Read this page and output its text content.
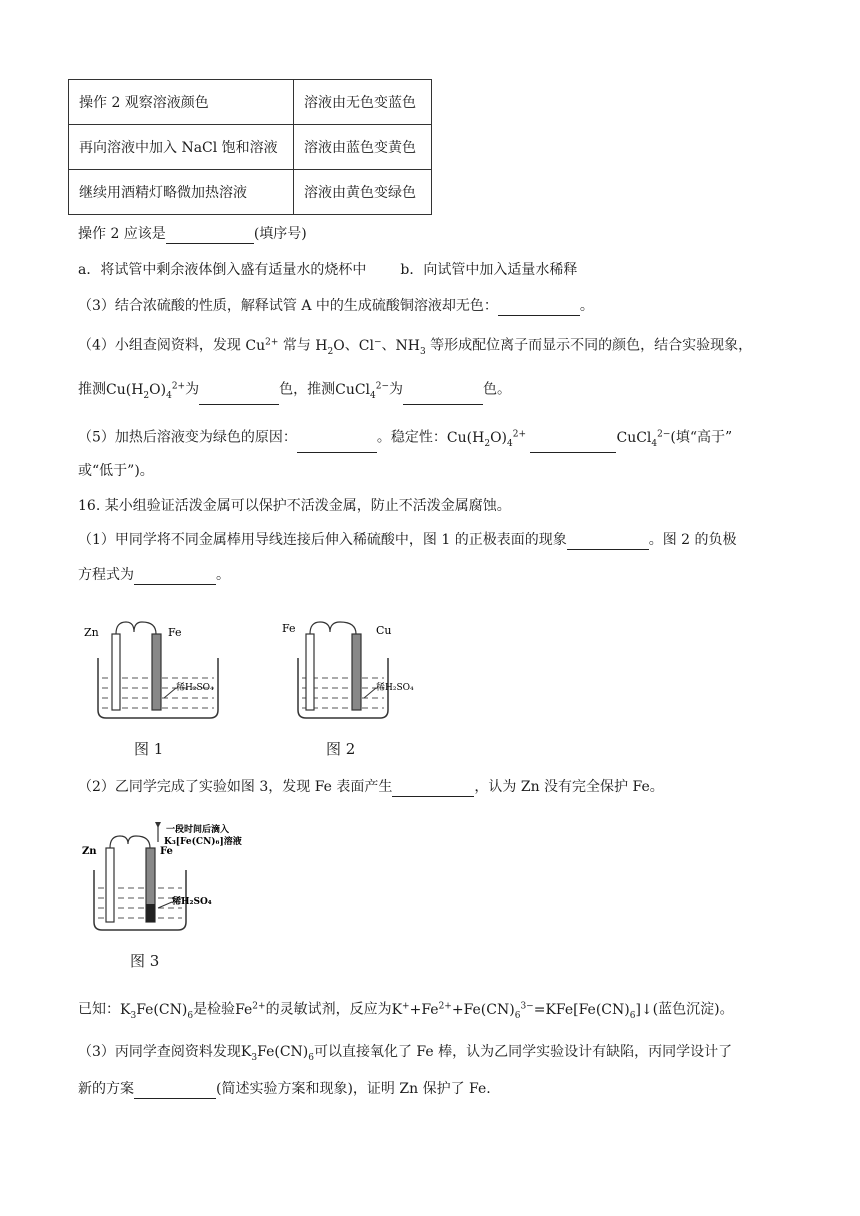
操作 2 观察溶液颜色	溶液由无色变蓝色
再向溶液中加入 NaCl 饱和溶液	溶液由蓝色变黄色
继续用酒精灯略微加热溶液	溶液由黄色变绿色
操作 2 应该是	(填序号)
a．将试管中剩余液体倒入盛有适量水的烧杯中 b．向试管中加入适量水稀释
（3）结合浓硫酸的性质，解释试管 A 中的生成硫酸铜溶液却无色：	。
（4）小组查阅资料，发现 $Cu^{2+}$ 常与 $H_2O$、Cl−、$NH_3$ 等形成配位离子而显示不同的颜色，结合实验现象，
推测$Cu(H_2O)_4^{2+}$为	色，推测CuCl$_4^{2-}$为	色。
（5）加热后溶液变为绿色的原因：	。稳定性：$Cu(H_2O)_4^{2+}$	CuCl$_4^{2-}$(填“高于”
或“低于”)。
16. 某小组验证活泼金属可以保护不活泼金属，防止不活泼金属腐蚀。
（1）甲同学将不同金属棒用导线连接后伸入稀硫酸中，图 1 的正极表面的现象	。图 2 的负极
方程式为	。
Zn	Fe
稀H₂SO₄
图 1
Fe	Cu
稀H₂SO₄
图 2
（2）乙同学完成了实验如图 3，发现 Fe 表面产生	，认为 Zn 没有完全保护 Fe。
Zn	Fe
一段时间后滴入
K₃[Fe(CN)₆]溶液
稀H₂SO₄
图 3
已知：$K_3Fe(CN)_6$是检验$Fe^{2+}$的灵敏试剂，反应为$K^++Fe^{2+}+Fe(CN)_6^{3-}=KFe[Fe(CN)_6]↓$(蓝色沉淀)。
（3）丙同学查阅资料发现$K_3Fe(CN)_6$可以直接氧化了 Fe 棒，认为乙同学实验设计有缺陷，丙同学设计了
新的方案	(简述实验方案和现象)，证明 Zn 保护了 Fe.
